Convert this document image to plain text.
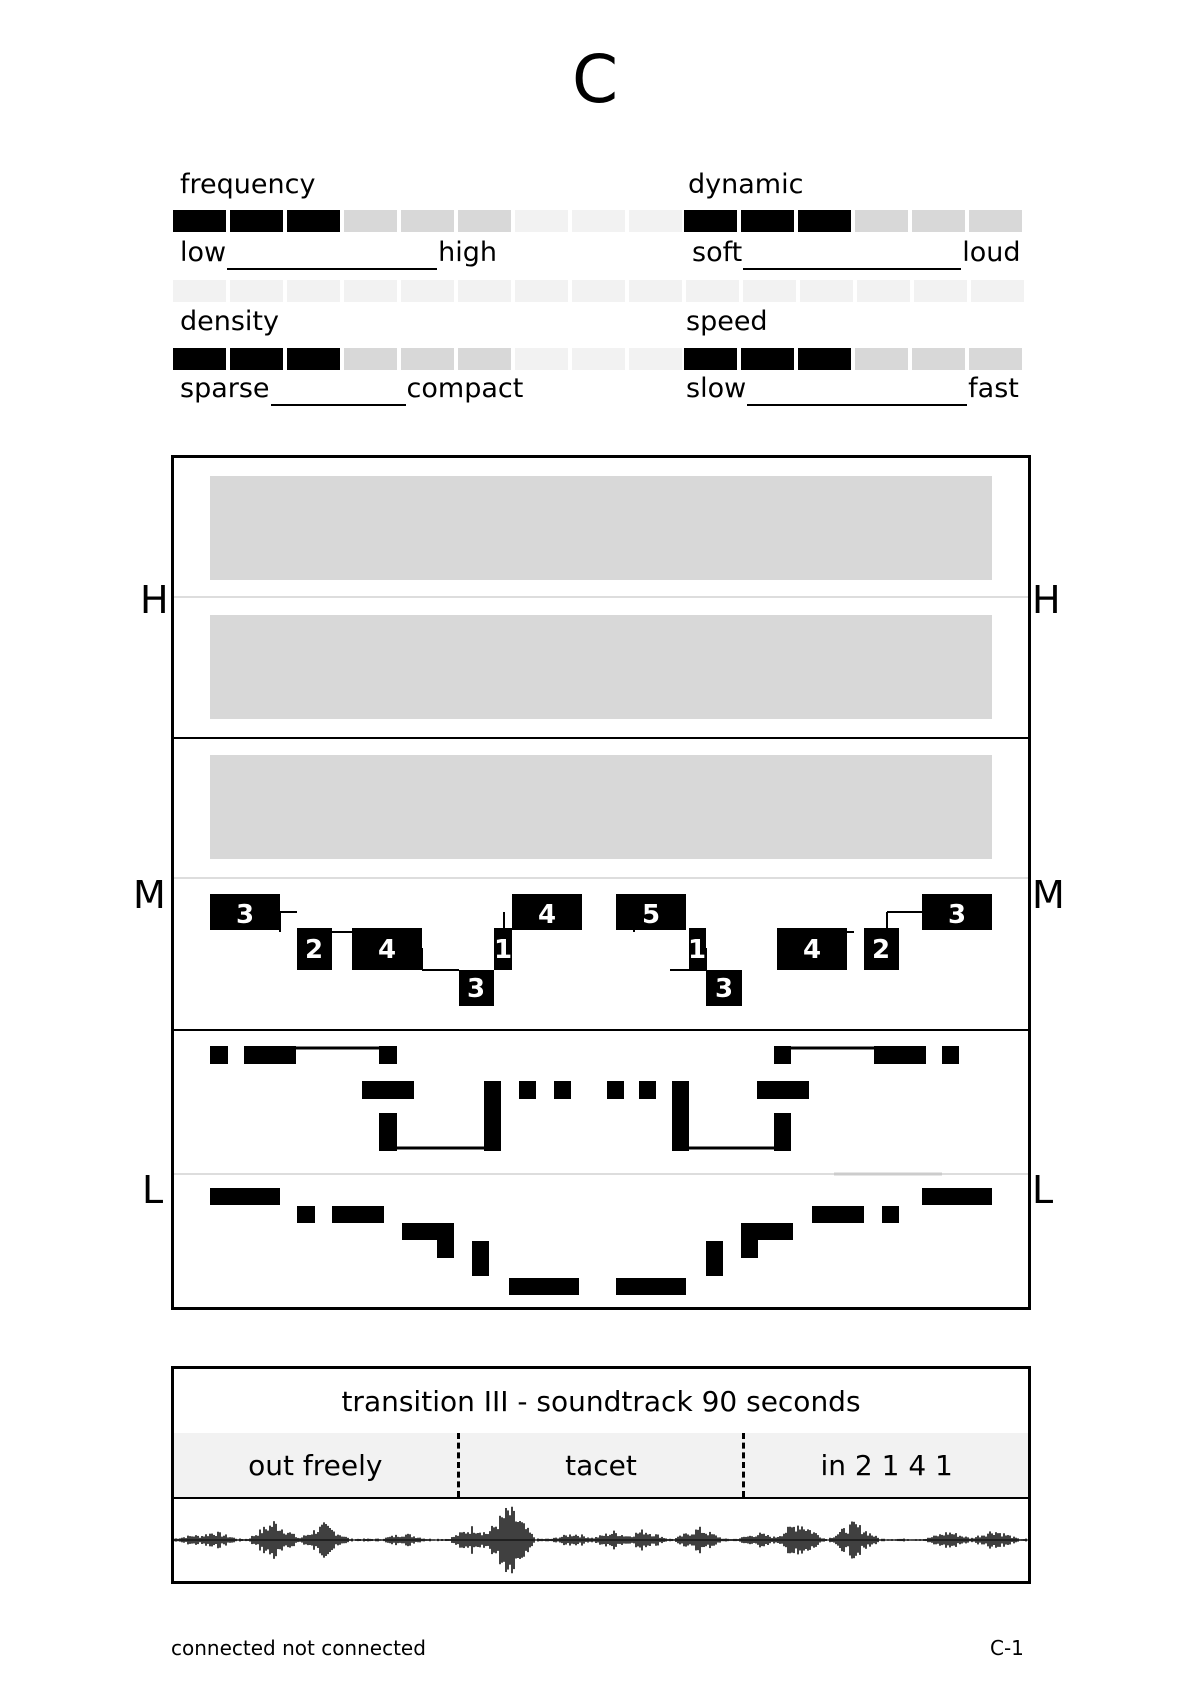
C
frequency
low	high
dynamic
soft	loud
density
sparse	compact
speed
slow	fast
H	H
M	M
L	L
3
2 4
3
1
4	5
1
3
4 2
3
transition III - soundtrack 90 seconds
out freely	tacet	in 2 1 4 1
connected not connected	C-1
